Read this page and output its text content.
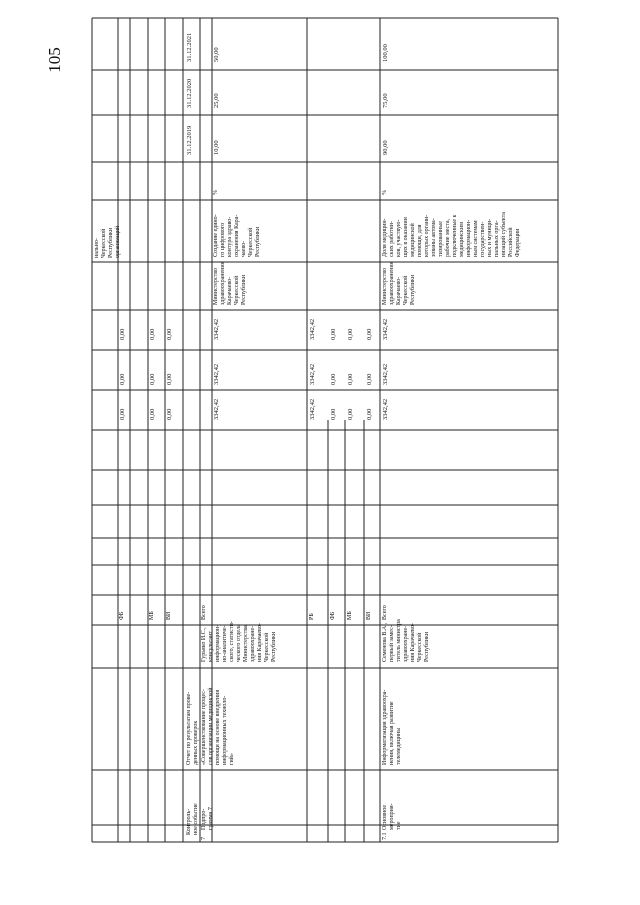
105
нально-
Черкесской
Республики
организаций
ФБ	МБ ВИ
0,00
0,00
0,00
0,00
0,00
0,00
0,00
0,00
0,00
31.12.2019
31.12.2020
31.12.2021
Контроль-
ное событие
Отчет по результатам прове-
денных проверок
7
Подпро-
грамма 7
«Совершенствование процес-
сов организации медицинской
помощи на основе внедрения
информационных техноло-
гий»
Гурьяко И.С.,
консультант
информацион-
но-аналитиче-
ского, статисти-
ческого отдела
Министерства
здравоохране-
ния Карачаево-
Черкесской
Республики
Всего
3342,42
3342,42
3342,42
Министерство
здравоохранения
Карачаево-
Черкесской
Республики
Создание едино-
го цифрового
контура здраво-
охранения Кара-
чаево-
Черкесской
Республики
%
10,00
25,00
50,00
РБ
3342,42
3342,42
3342,42
ФБ
0,00
0,00
0,00
МБ
0,00
0,00
0,00
ВИ
0,00
0,00
0,00
7.1
Основное
мероприя-
тие
Информатизация здравоохра-
нения, включая развитие
телемедицины
Семенова В.А.,
первый замес-
титель министра
здравоохране-
ния Карачаево-
Черкесской
Республики
Всего
3342,42
3342,42
3342,42
Министерство
здравоохранения
Карачаево-
Черкесской
Республики
Доля медицин-
ских работни-
ков, участвую-
щих в оказании
медицинской
помощи, для
которых органи-
зованы автома-
тизированные
рабочие места,
подключенные к
медицинским
информацион-
ным системам
государствен-
ных и муници-
пальных орга-
низаций субъекта
Российской
Федерации
%
90,00
75,00
100,00
